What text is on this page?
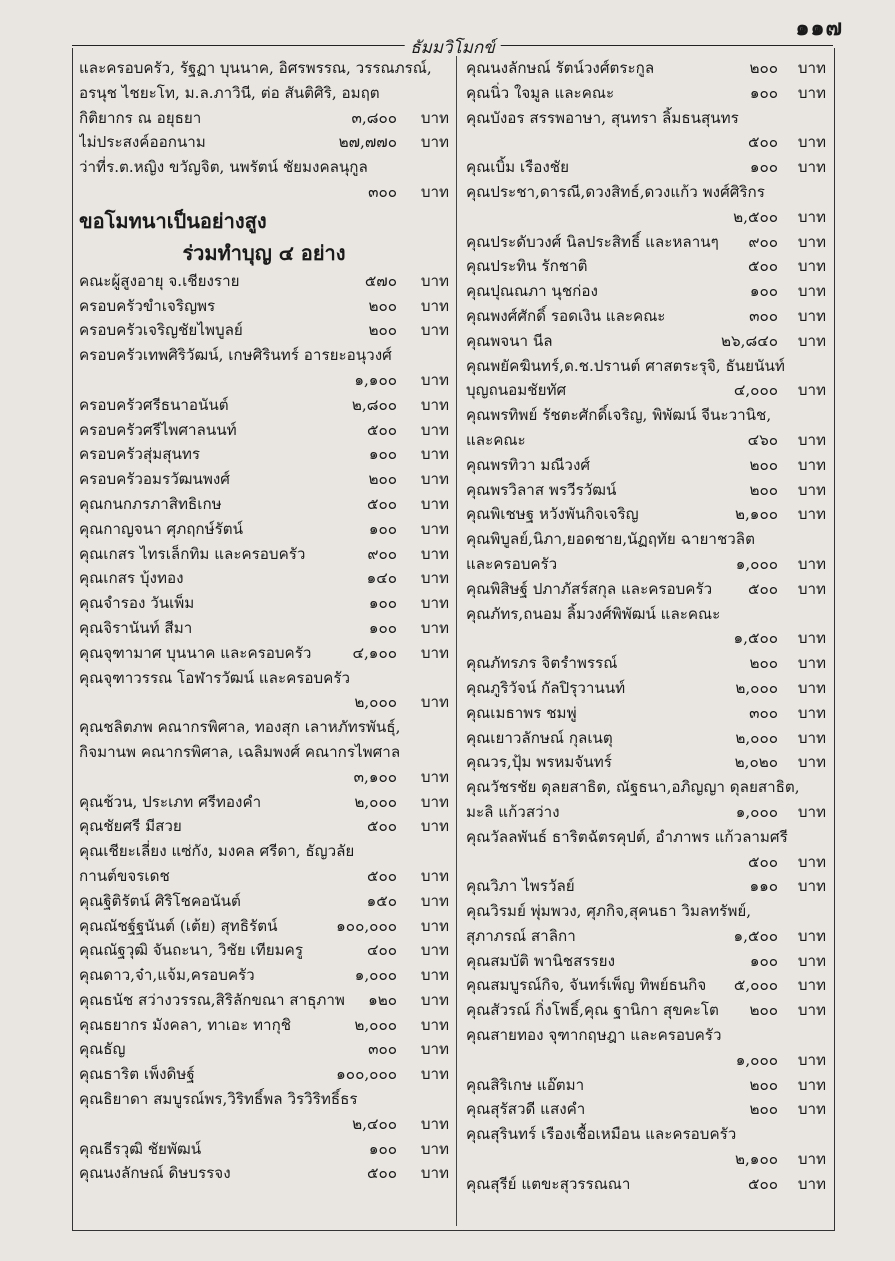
๑๑๗
ธัมมวิโมกข์
และครอบครัว, รัฐฏา บุนนาค, อิศรพรรณ, วรรณภรณ์,
อรนุช ไชยะโท, ม.ล.ภาวินี, ต่อ สันติศิริ, อมฤต
กิติยากร ณ อยุธยา	๓,๘๐๐ บาท
ไม่ประสงค์ออกนาม	๒๗,๗๗๐ บาท
ว่าที่ร.ต.หญิง ขวัญจิต, นพรัตน์ ชัยมงคลนุกูล
๓๐๐ บาท
ขอโมทนาเป็นอย่างสูง
ร่วมทำบุญ ๔ อย่าง
คณะผู้สูงอายุ จ.เชียงราย	๕๗๐ บาท
ครอบครัวขำเจริญพร	๒๐๐ บาท
ครอบครัวเจริญชัยไพบูลย์	๒๐๐ บาท
ครอบครัวเทพศิริวัฒน์, เกษศิรินทร์ อารยะอนุวงศ์
๑,๑๐๐ บาท
ครอบครัวศรีธนาอนันต์	๒,๘๐๐ บาท
ครอบครัวศรีไพศาลนนท์	๕๐๐ บาท
ครอบครัวสุ่มสุนทร	๑๐๐ บาท
ครอบครัวอมรวัฒนพงศ์	๒๐๐ บาท
คุณกนกภรภาสิทธิเกษ	๕๐๐ บาท
คุณกาญจนา ศุภฤกษ์รัตน์	๑๐๐ บาท
คุณเกสร ไทรเล็กทิม และครอบครัว	๙๐๐ บาท
คุณเกสร บุ้งทอง	๑๔๐ บาท
คุณจำรอง วันเพ็ม	๑๐๐ บาท
คุณจิรานันท์ สีมา	๑๐๐ บาท
คุณจุฑามาศ บุนนาค และครอบครัว	๔,๑๐๐ บาท
คุณจุฑาวรรณ โอฬารวัฒน์ และครอบครัว
๒,๐๐๐ บาท
คุณชลิตภพ คณากรพิศาล, ทองสุก เลาหภัทรพันธุ์,
กิจมานพ คณากรพิศาล, เฉลิมพงศ์ คณากรไพศาล
๓,๑๐๐ บาท
คุณช้วน, ประเภท ศรีทองคำ	๒,๐๐๐ บาท
คุณชัยศรี มีสวย	๕๐๐ บาท
คุณเชียะเลี่ยง แซ่กัง, มงคล ศรีดา, ธัญวลัย
กานต์ขจรเดช	๕๐๐ บาท
คุณฐิติรัตน์ ศิริโชคอนันต์	๑๕๐ บาท
คุณณัชฐ์ฐนันต์ (เต้ย) สุทธิรัตน์	๑๐๐,๐๐๐ บาท
คุณณัฐวุฒิ จันถะนา, วิชัย เทียมครู	๔๐๐ บาท
คุณดาว,จ๋า,แจ้ม,ครอบครัว	๑,๐๐๐ บาท
คุณธนัช สว่างวรรณ,สิริลักขณา สาธุภาพ ๑๒๐ บาท
คุณธยากร มังคลา, ทาเอะ ทากุชิ	๒,๐๐๐ บาท
คุณธัญ	๓๐๐ บาท
คุณธาริต เพ็งดิษฐ์	๑๐๐,๐๐๐ บาท
คุณธิยาดา สมบูรณ์พร,วิริทธิ์พล วิรวิริทธิ์ธร
๒,๔๐๐ บาท
คุณธีรวุฒิ ชัยพัฒน์	๑๐๐ บาท
คุณนงลักษณ์ ดิษบรรจง	๕๐๐ บาท
คุณนงลักษณ์ รัตน์วงศ์ตระกูล	๒๐๐ บาท
คุณนิ่ว ใจมูล และคณะ	๑๐๐ บาท
คุณบังอร สรรพอาษา, สุนทรา ลิ้มธนสุนทร
๕๐๐ บาท
คุณเบิ้ม เรืองชัย	๑๐๐ บาท
คุณประชา,ดารณี,ดวงสิทธ์,ดวงแก้ว พงศ์ศิริกร
๒,๕๐๐ บาท
คุณประดับวงศ์ นิลประสิทธิ์ และหลานๆ ๙๐๐ บาท
คุณประทิน รักชาติ	๕๐๐ บาท
คุณปุณณภา นุชก่อง	๑๐๐ บาท
คุณพงศ์ศักดิ์ รอดเงิน และคณะ	๓๐๐ บาท
คุณพจนา นีล	๒๖,๘๔๐ บาท
คุณพยัคฆินทร์,ด.ช.ปรานต์ ศาสตระรุจิ, ธันยนันท์
บุญถนอมชัยทัศ	๔,๐๐๐ บาท
คุณพรทิพย์ รัชตะศักดิ์เจริญ, พิพัฒน์ จีนะวานิช,
และคณะ	๔๖๐ บาท
คุณพรทิวา มณีวงศ์	๒๐๐ บาท
คุณพรวิลาส พรวีรวัฒน์	๒๐๐ บาท
คุณพิเชษฐ หวังพันกิจเจริญ	๒,๑๐๐ บาท
คุณพิบูลย์,นิภา,ยอดชาย,นัฏฤทัย ฉายาชวลิต
และครอบครัว	๑,๐๐๐ บาท
คุณพิสิษฐ์ ปภาภัสร์สกุล และครอบครัว ๕๐๐ บาท
คุณภัทร,ถนอม ลิ้มวงศ์พิพัฒน์ และคณะ
๑,๕๐๐ บาท
คุณภัทรภร จิตรำพรรณ์	๒๐๐ บาท
คุณภูริวัจน์ กัลปิรุวานนท์	๒,๐๐๐ บาท
คุณเมธาพร ชมพู่	๓๐๐ บาท
คุณเยาวลักษณ์ กุลเนตุ	๒,๐๐๐ บาท
คุณวร,ปุ้ม พรหมจันทร์	๒,๐๒๐ บาท
คุณวัชรชัย ดุลยสาธิต, ณัฐธนา,อภิญญา ดุลยสาธิต,
มะลิ แก้วสว่าง	๑,๐๐๐ บาท
คุณวัลลพันธ์ ธาริตฉัตรคุปต์, อำภาพร แก้วลามศรี
๕๐๐ บาท
คุณวิภา ไพรวัลย์	๑๑๐ บาท
คุณวิรมย์ พุ่มพวง, ศุภกิจ,สุคนธา วิมลทรัพย์,
สุภาภรณ์ สาลิกา	๑,๕๐๐ บาท
คุณสมบัติ พานิชสรรยง	๑๐๐ บาท
คุณสมบูรณ์กิจ, จันทร์เพ็ญ ทิพย์ธนกิจ ๕,๐๐๐ บาท
คุณสัวรณ์ กิ่งโพธิ์,คุณ ฐานิกา สุขคะโต ๒๐๐ บาท
คุณสายทอง จุฑากฤษฎา และครอบครัว
๑,๐๐๐ บาท
คุณสิริเกษ แอ๊ตมา	๒๐๐ บาท
คุณสุรัสวดี แสงคำ	๒๐๐ บาท
คุณสุรินทร์ เรืองเชื้อเหมือน และครอบครัว
๒,๑๐๐ บาท
คุณสุรีย์ แตขะสุวรรณณา	๕๐๐ บาท
